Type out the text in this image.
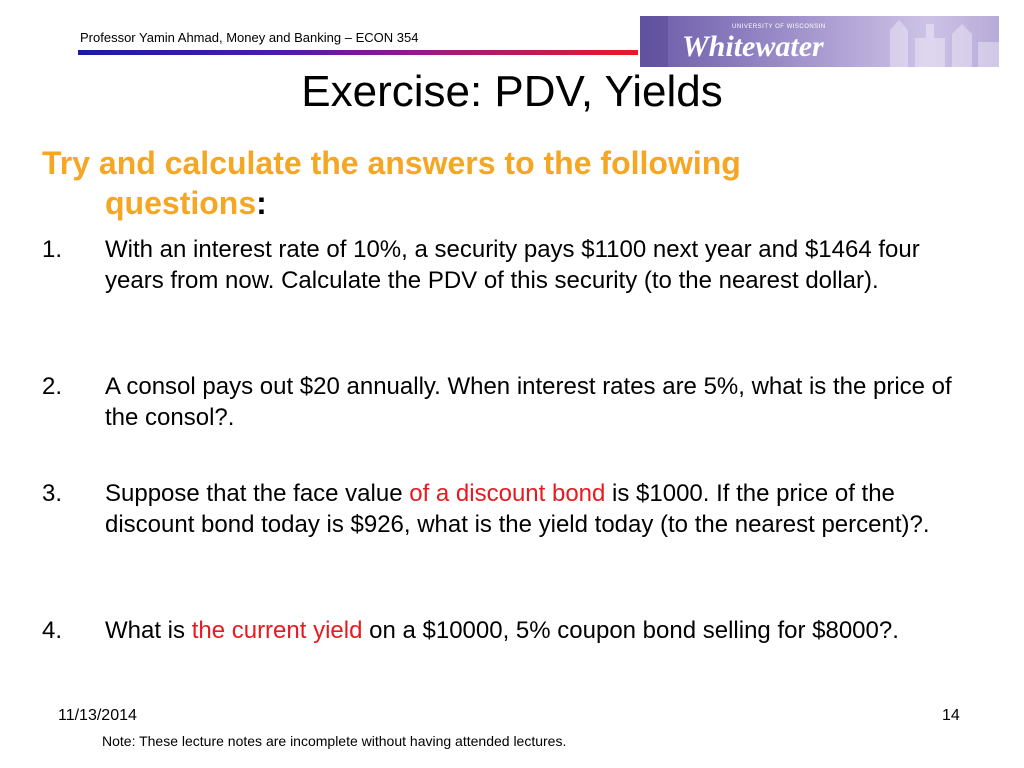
Professor Yamin Ahmad, Money and Banking – ECON 354
UNIVERSITY OF WISCONSIN
Whitewater
Exercise: PDV, Yields
Try and calculate the answers to the following
questions:
1. With an interest rate of 10%, a security pays $1100 next year and $1464 four years from now. Calculate the PDV of this security (to the nearest dollar).
2. A consol pays out $20 annually. When interest rates are 5%, what is the price of the consol?.
3. Suppose that the face value of a discount bond is $1000. If the price of the discount bond today is $926, what is the yield today (to the nearest percent)?.
4. What is the current yield on a $10000, 5% coupon bond selling for $8000?.
11/13/2014	14
Note: These lecture notes are incomplete without having attended lectures.
